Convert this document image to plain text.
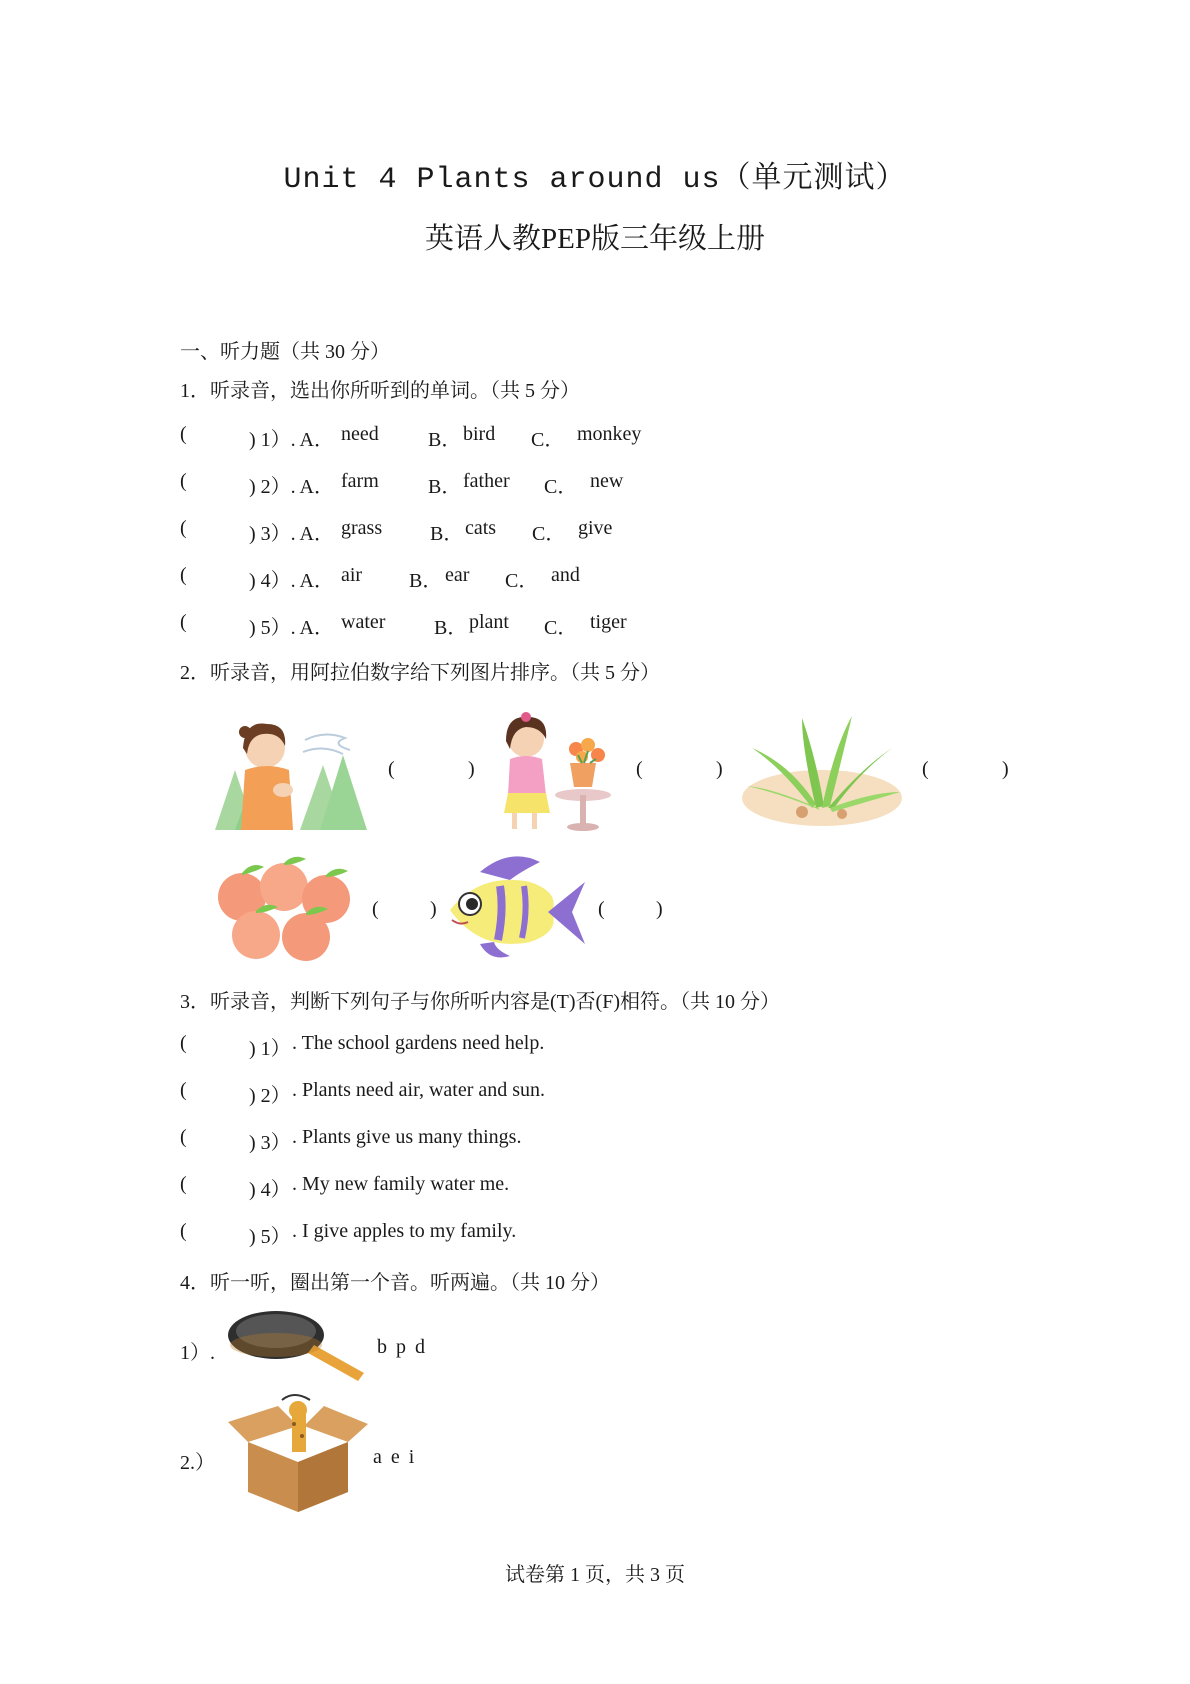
Unit 4 Plants around us（单元测试）
英语人教PEP版三年级上册
一、听力题（共 30 分）
1．听录音，选出你所听到的单词。（共 5 分）
(	) 1）. A． need B． bird C． monkey
(	) 2）. A． farm B． father C． new
(	) 3）. A． grass B． cats C． give
(	) 4）. A． air B． ear C． and
(	) 5）. A． water B． plant C． tiger
2．听录音，用阿拉伯数字给下列图片排序。（共 5 分）
(	)	(	)	(	)
(	)	(	)
3．听录音，判断下列句子与你所听内容是(T)否(F)相符。（共 10 分）
(	) 1） . The school gardens need help.
(	) 2） . Plants need air, water and sun.
(	) 3） . Plants give us many things.
(	) 4） . My new family water me.
(	) 5） . I give apples to my family.
4．听一听，圈出第一个音。听两遍。（共 10 分）
1）.	b p d
2.）	a e i
试卷第 1 页，共 3 页
